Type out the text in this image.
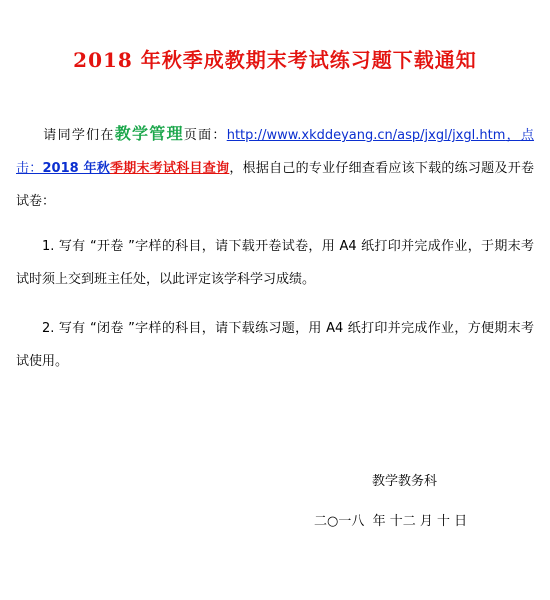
2018 年秋季成教期末考试练习题下载通知
请同学们在教学管理页面：http://www.xkddeyang.cn/asp/jxgl/jxgl.htm，点击：2018 年秋季期末考试科目查询，根据自己的专业仔细查看应该下载的练习题及开卷试卷：
1. 写有 “开卷 ”字样的科目，请下载开卷试卷，用 A4 纸打印并完成作业，于期末考试时须上交到班主任处，以此评定该学科学习成绩。
2. 写有 “闭卷 ”字样的科目，请下载练习题，用 A4 纸打印并完成作业，方便期末考试使用。
教学教务科
二○一八  年 十二 月 十 日
